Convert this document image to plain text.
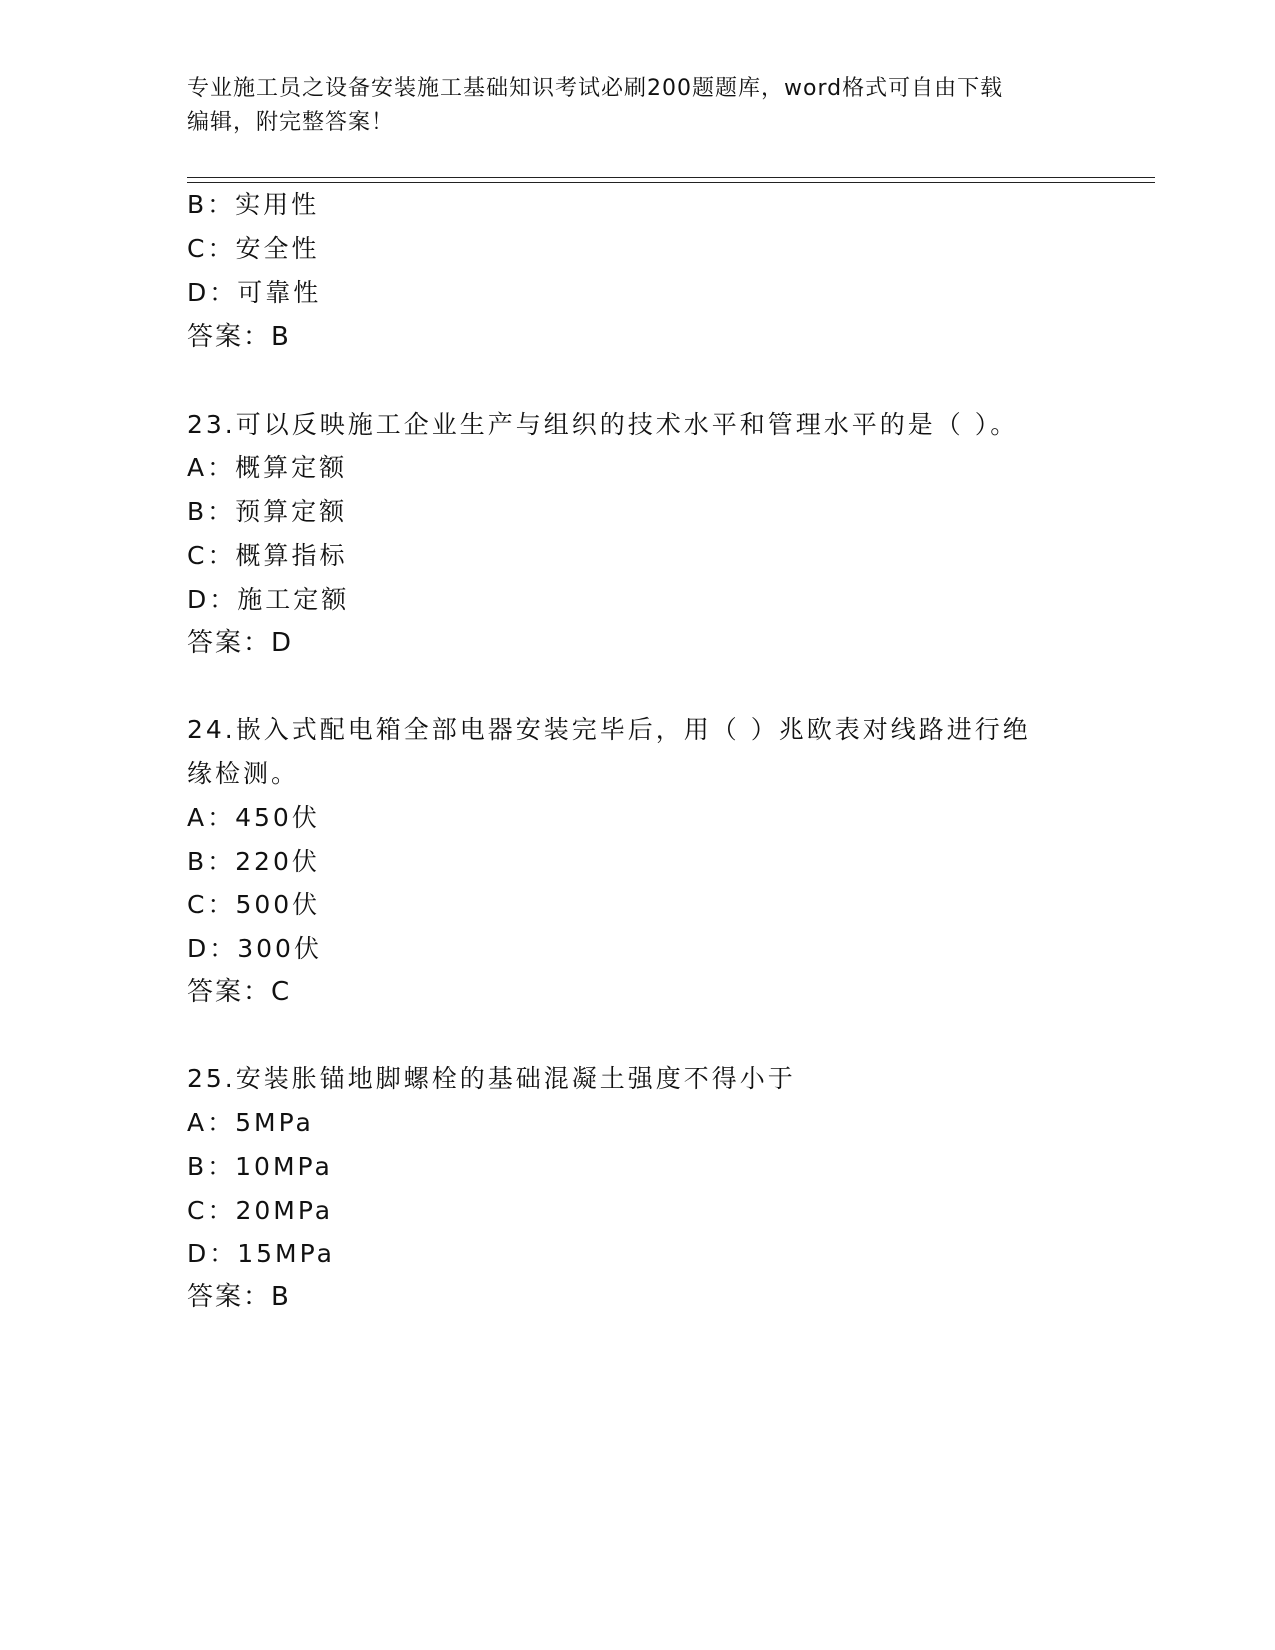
专业施工员之设备安装施工基础知识考试必刷200题题库，word格式可自由下载
编辑，附完整答案！
B：实用性
C：安全性
D：可靠性
答案：B
23.可以反映施工企业生产与组织的技术水平和管理水平的是（ ）。
A：概算定额
B：预算定额
C：概算指标
D：施工定额
答案：D
24.嵌入式配电箱全部电器安装完毕后，用（ ）兆欧表对线路进行绝
缘检测。
A：450伏
B：220伏
C：500伏
D：300伏
答案：C
25.安装胀锚地脚螺栓的基础混凝土强度不得小于
A：5MPa
B：10MPa
C：20MPa
D：15MPa
答案：B
